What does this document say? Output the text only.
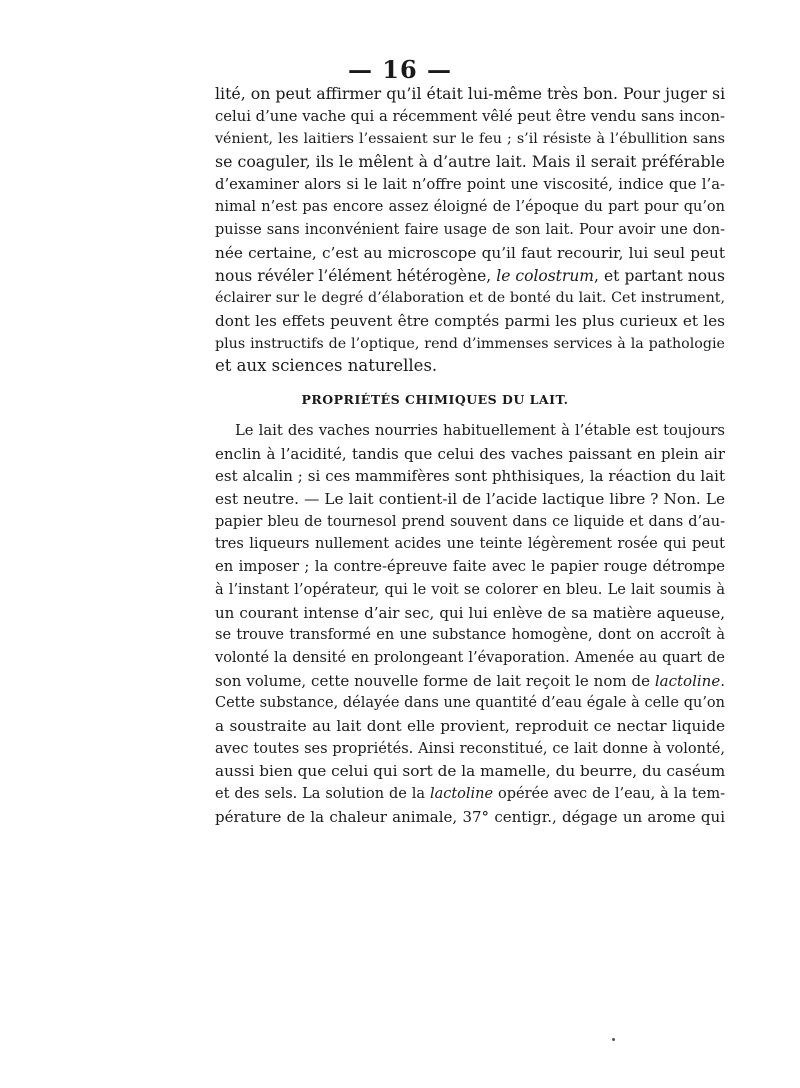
— 16 —
lité, on peut affirmer qu’il était lui-même très bon. Pour juger si
celui d’une vache qui a récemment vêlé peut être vendu sans incon-
vénient, les laitiers l’essaient sur le feu ; s’il résiste à l’ébullition sans
se coaguler, ils le mêlent à d’autre lait. Mais il serait préférable
d’examiner alors si le lait n’offre point une viscosité, indice que l’a-
nimal n’est pas encore assez éloigné de l’époque du part pour qu’on
puisse sans inconvénient faire usage de son lait. Pour avoir une don-
née certaine, c’est au microscope qu’il faut recourir, lui seul peut
nous révéler l’élément hétérogène, le colostrum, et partant nous
éclairer sur le degré d’élaboration et de bonté du lait. Cet instrument,
dont les effets peuvent être comptés parmi les plus curieux et les
plus instructifs de l’optique, rend d’immenses services à la pathologie
et aux sciences naturelles.
PROPRIÉTÉS CHIMIQUES DU LAIT.
Le lait des vaches nourries habituellement à l’étable est toujours
enclin à l’acidité, tandis que celui des vaches paissant en plein air
est alcalin ; si ces mammifères sont phthisiques, la réaction du lait
est neutre. — Le lait contient-il de l’acide lactique libre ? Non. Le
papier bleu de tournesol prend souvent dans ce liquide et dans d’au-
tres liqueurs nullement acides une teinte légèrement rosée qui peut
en imposer ; la contre-épreuve faite avec le papier rouge détrompe
à l’instant l’opérateur, qui le voit se colorer en bleu. Le lait soumis à
un courant intense d’air sec, qui lui enlève de sa matière aqueuse,
se trouve transformé en une substance homogène, dont on accroît à
volonté la densité en prolongeant l’évaporation. Amenée au quart de
son volume, cette nouvelle forme de lait reçoit le nom de lactoline.
Cette substance, délayée dans une quantité d’eau égale à celle qu’on
a soustraite au lait dont elle provient, reproduit ce nectar liquide
avec toutes ses propriétés. Ainsi reconstitué, ce lait donne à volonté,
aussi bien que celui qui sort de la mamelle, du beurre, du caséum
et des sels. La solution de la lactoline opérée avec de l’eau, à la tem-
pérature de la chaleur animale, 37° centigr., dégage un arome qui
